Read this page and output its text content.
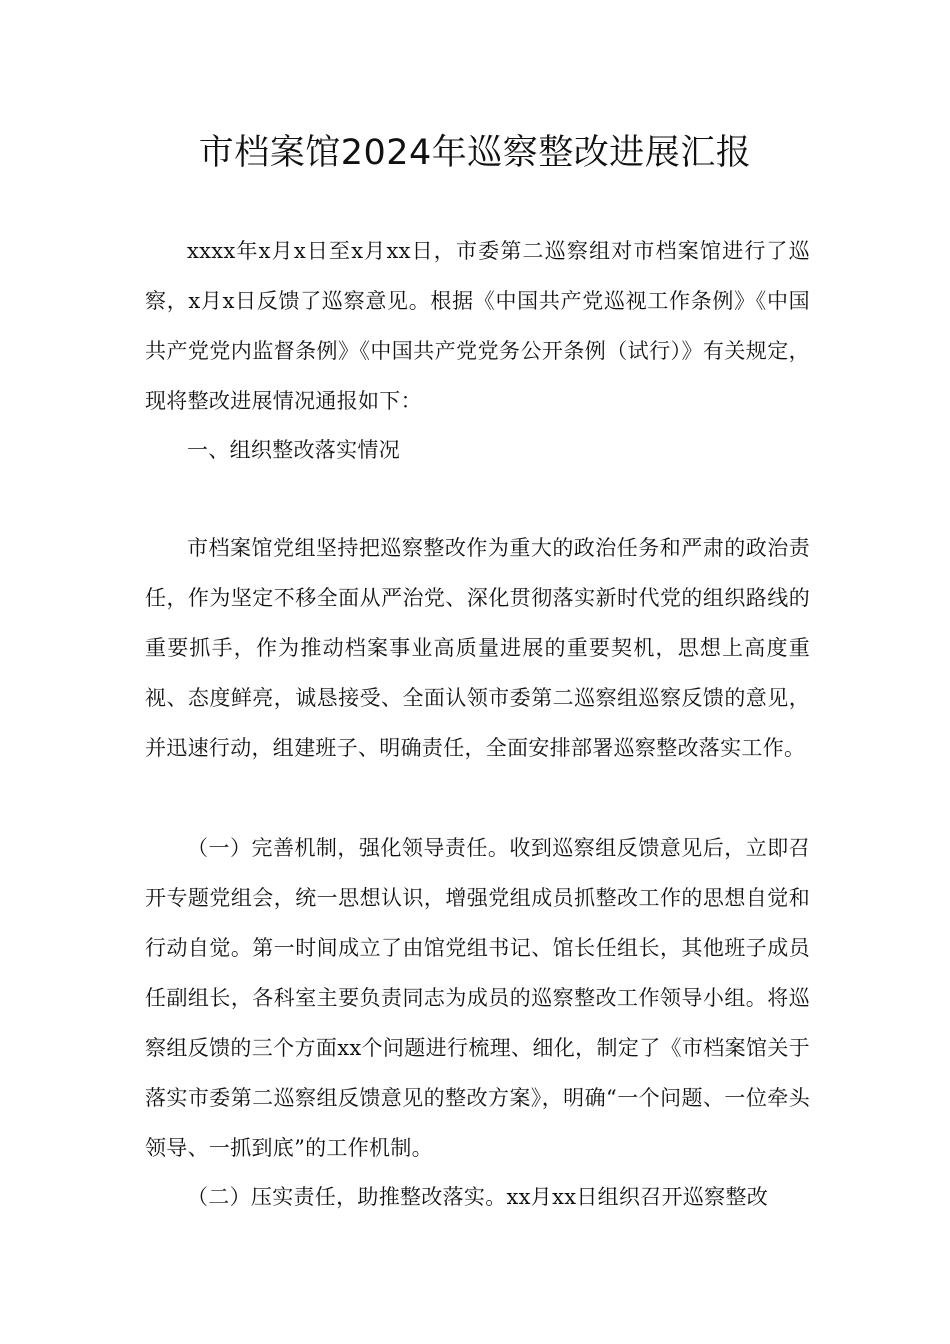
市档案馆2024年巡察整改进展汇报

xxxx年x月x日至x月xx日，市委第二巡察组对市档案馆进行了巡察，x月x日反馈了巡察意见。根据《中国共产党巡视工作条例》《中国共产党党内监督条例》《中国共产党党务公开条例（试行）》有关规定，现将整改进展情况通报如下：

一、组织整改落实情况

市档案馆党组坚持把巡察整改作为重大的政治任务和严肃的政治责任，作为坚定不移全面从严治党、深化贯彻落实新时代党的组织路线的重要抓手，作为推动档案事业高质量进展的重要契机，思想上高度重视、态度鲜亮，诚恳接受、全面认领市委第二巡察组巡察反馈的意见，并迅速行动，组建班子、明确责任，全面安排部署巡察整改落实工作。

（一）完善机制，强化领导责任。收到巡察组反馈意见后，立即召开专题党组会，统一思想认识，增强党组成员抓整改工作的思想自觉和行动自觉。第一时间成立了由馆党组书记、馆长任组长，其他班子成员任副组长，各科室主要负责同志为成员的巡察整改工作领导小组。将巡察组反馈的三个方面xx个问题进行梳理、细化，制定了《市档案馆关于落实市委第二巡察组反馈意见的整改方案》，明确“一个问题、一位牵头领导、一抓到底”的工作机制。

（二）压实责任，助推整改落实。xx月xx日组织召开巡察整改
